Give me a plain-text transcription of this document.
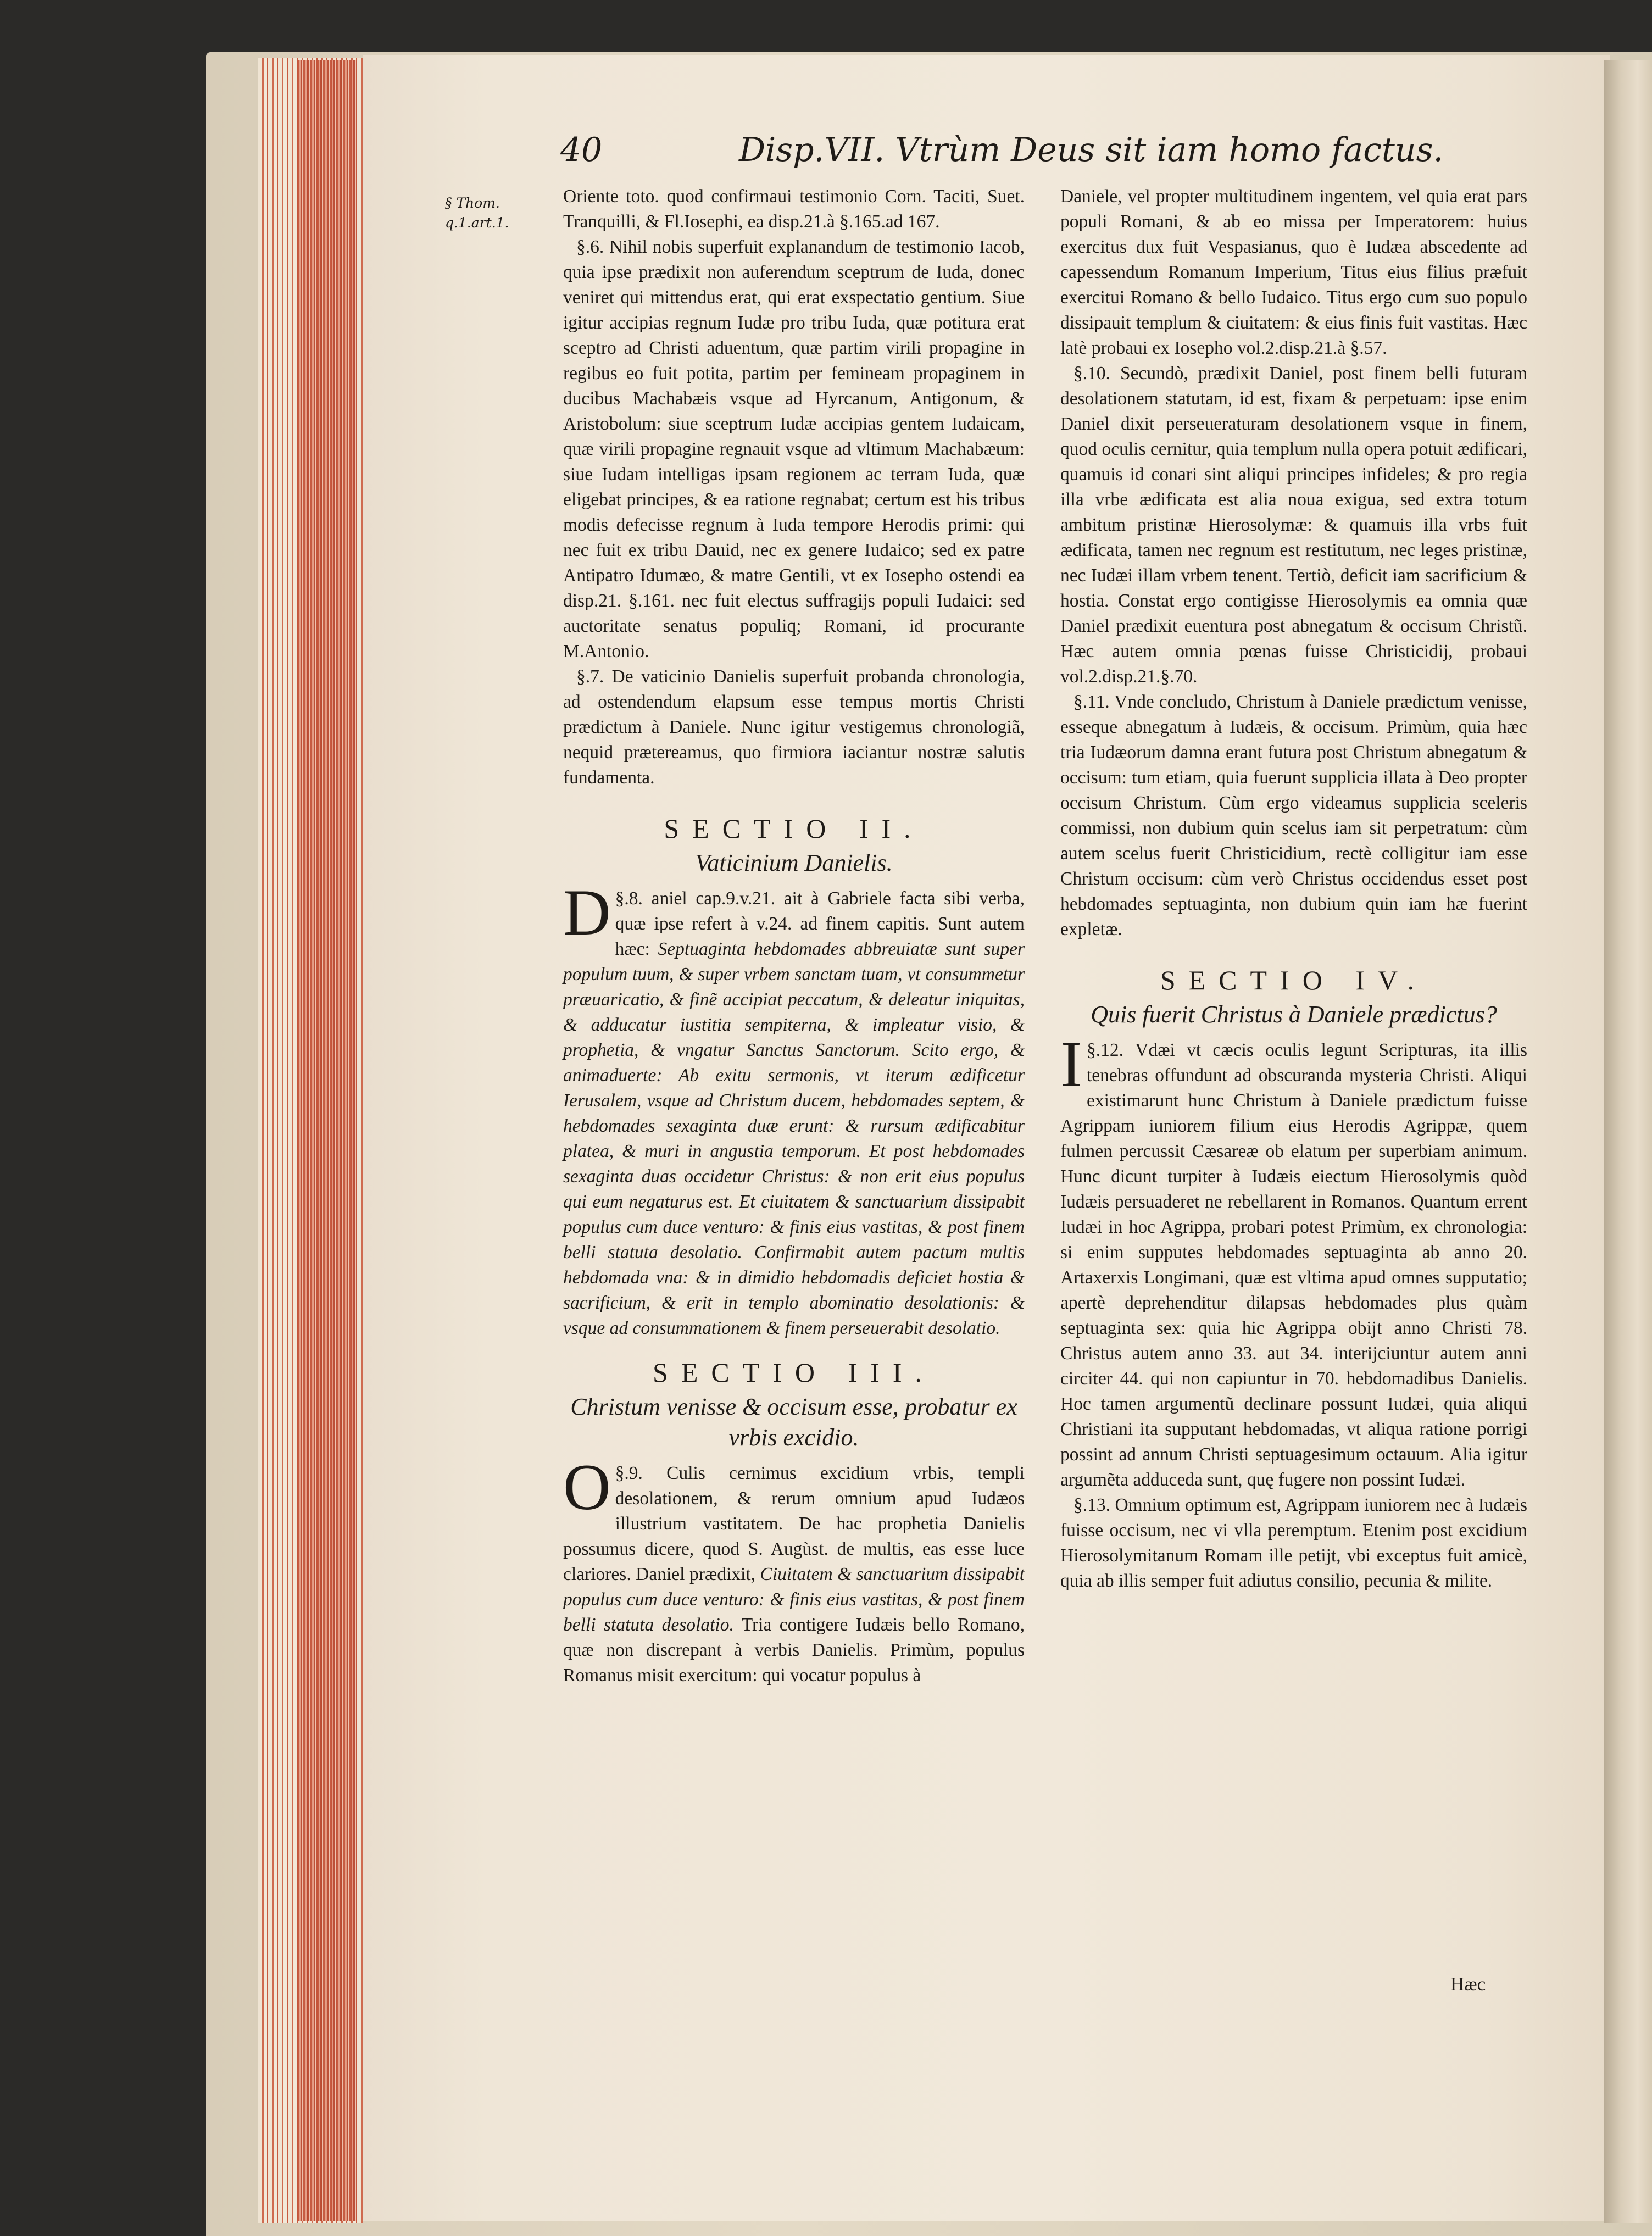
40	Disp.VII. Vtrùm Deus sit iam homo factus.
§ Thom. q.1.art.1.
Oriente toto. quod confirmaui testimonio Corn. Taciti, Suet. Tranquilli, & Fl.Iosephi, ea disp.21.à §.165.ad 167.
§.6. Nihil nobis superfuit explanandum de testimonio Iacob, quia ipse prædixit non auferendum sceptrum de Iuda, donec veniret qui mittendus erat, qui erat exspectatio gentium. Siue igitur accipias regnum Iudæ pro tribu Iuda, quæ potitura erat sceptro ad Christi aduentum, quæ partim virili propagine in regibus eo fuit potita, partim per femineam propaginem in ducibus Machabæis vsque ad Hyrcanum, Antigonum, & Aristobolum: siue sceptrum Iudæ accipias gentem Iudaicam, quæ virili propagine regnauit vsque ad vltimum Machabæum: siue Iudam intelligas ipsam regionem ac terram Iuda, quæ eligebat principes, & ea ratione regnabat; certum est his tribus modis defecisse regnum à Iuda tempore Herodis primi: qui nec fuit ex tribu Dauid, nec ex genere Iudaico; sed ex patre Antipatro Idumæo, & matre Gentili, vt ex Iosepho ostendi ea disp.21. §.161. nec fuit electus suffragijs populi Iudaici: sed auctoritate senatus populiq; Romani, id procurante M.Antonio.
§.7. De vaticinio Danielis superfuit probanda chronologia, ad ostendendum elapsum esse tempus mortis Christi prædictum à Daniele. Nunc igitur vestigemus chronologiã, nequid prætereamus, quo firmiora iaciantur nostræ salutis fundamenta.
SECTIO II.
Vaticinium Danielis.
§.8.
D aniel cap.9.v.21. ait à Gabriele facta sibi verba, quæ ipse refert à v.24. ad finem capitis. Sunt autem hæc: Septuaginta hebdomades abbreuiatæ sunt super populum tuum, & super vrbem sanctam tuam, vt consummetur præuaricatio, & finẽ accipiat peccatum, & deleatur iniquitas, & adducatur iustitia sempiterna, & impleatur visio, & prophetia, & vngatur Sanctus Sanctorum. Scito ergo, & animaduerte: Ab exitu sermonis, vt iterum ædificetur Ierusalem, vsque ad Christum ducem, hebdomades septem, & hebdomades sexaginta duæ erunt: & rursum ædificabitur platea, & muri in angustia temporum. Et post hebdomades sexaginta duas occidetur Christus: & non erit eius populus qui eum negaturus est. Et ciuitatem & sanctuarium dissipabit populus cum duce venturo: & finis eius vastitas, & post finem belli statuta desolatio. Confirmabit autem pactum multis hebdomada vna: & in dimidio hebdomadis deficiet hostia & sacrificium, & erit in templo abominatio desolationis: & vsque ad consummationem & finem perseuerabit desolatio.
SECTIO III.
Christum venisse & occisum esse, probatur ex vrbis excidio.
§.9.
O	Culis cernimus excidium vrbis, templi desolationem, & rerum omnium apud Iudæos illustrium vastitatem. De hac prophetia Danielis possumus dicere, quod S. Augùst. de multis, eas esse luce clariores. Daniel prædixit, Ciuitatem & sanctuarium dissipabit populus cum duce venturo: & finis eius vastitas, & post finem belli statuta desolatio. Tria contigere Iudæis bello Romano, quæ non discrepant à verbis Danielis. Primùm, populus Romanus misit exercitum: qui vocatur populus à
Daniele, vel propter multitudinem ingentem, vel quia erat pars populi Romani, & ab eo missa per Imperatorem: huius exercitus dux fuit Vespasianus, quo è Iudæa abscedente ad capessendum Romanum Imperium, Titus eius filius præfuit exercitui Romano & bello Iudaico. Titus ergo cum suo populo dissipauit templum & ciuitatem: & eius finis fuit vastitas. Hæc latè probaui ex Iosepho vol.2.disp.21.à §.57.
§.10. Secundò, prædixit Daniel, post finem belli futuram desolationem statutam, id est, fixam & perpetuam: ipse enim Daniel dixit perseueraturam desolationem vsque in finem, quod oculis cernitur, quia templum nulla opera potuit ædificari, quamuis id conari sint aliqui principes infideles; & pro regia illa vrbe ædificata est alia noua exigua, sed extra totum ambitum pristinæ Hierosolymæ: & quamuis illa vrbs fuit ædificata, tamen nec regnum est restitutum, nec leges pristinæ, nec Iudæi illam vrbem tenent. Tertiò, deficit iam sacrificium & hostia. Constat ergo contigisse Hierosolymis ea omnia quæ Daniel prædixit euentura post abnegatum & occisum Christũ. Hæc autem omnia pœnas fuisse Christicidij, probaui vol.2.disp.21.§.70.
§.11. Vnde concludo, Christum à Daniele prædictum venisse, esseque abnegatum à Iudæis, & occisum. Primùm, quia hæc tria Iudæorum damna erant futura post Christum abnegatum & occisum: tum etiam, quia fuerunt supplicia illata à Deo propter occisum Christum. Cùm ergo videamus supplicia sceleris commissi, non dubium quin scelus iam sit perpetratum: cùm autem scelus fuerit Christicidium, rectè colligitur iam esse Christum occisum: cùm verò Christus occidendus esset post hebdomades septuaginta, non dubium quin iam hæ fuerint expletæ.
SECTIO IV.
Quis fuerit Christus à Daniele prædictus?
§.12.
I	Vdæi vt cæcis oculis legunt Scripturas, ita illis tenebras offundunt ad obscuranda mysteria Christi. Aliqui existimarunt hunc Christum à Daniele prædictum fuisse Agrippam iuniorem filium eius Herodis Agrippæ, quem fulmen percussit Cæsareæ ob elatum per superbiam animum. Hunc dicunt turpiter à Iudæis eiectum Hierosolymis quòd Iudæis persuaderet ne rebellarent in Romanos. Quantum errent Iudæi in hoc Agrippa, probari potest Primùm, ex chronologia: si enim supputes hebdomades septuaginta ab anno 20. Artaxerxis Longimani, quæ est vltima apud omnes supputatio; apertè deprehenditur dilapsas hebdomades plus quàm septuaginta sex: quia hic Agrippa obijt anno Christi 78. Christus autem anno 33. aut 34. interijciuntur autem anni circiter 44. qui non capiuntur in 70. hebdomadibus Danielis. Hoc tamen argumentũ declinare possunt Iudæi, quia aliqui Christiani ita supputant hebdomadas, vt aliqua ratione porrigi possint ad annum Christi septuagesimum octauum. Alia igitur argumẽta adduceda sunt, quę fugere non possint Iudæi.
§.13. Omnium optimum est, Agrippam iuniorem nec à Iudæis fuisse occisum, nec vi vlla peremptum. Etenim post excidium Hierosolymitanum Romam ille petijt, vbi exceptus fuit amicè, quia ab illis semper fuit adiutus consilio, pecunia & milite.
Hæc
